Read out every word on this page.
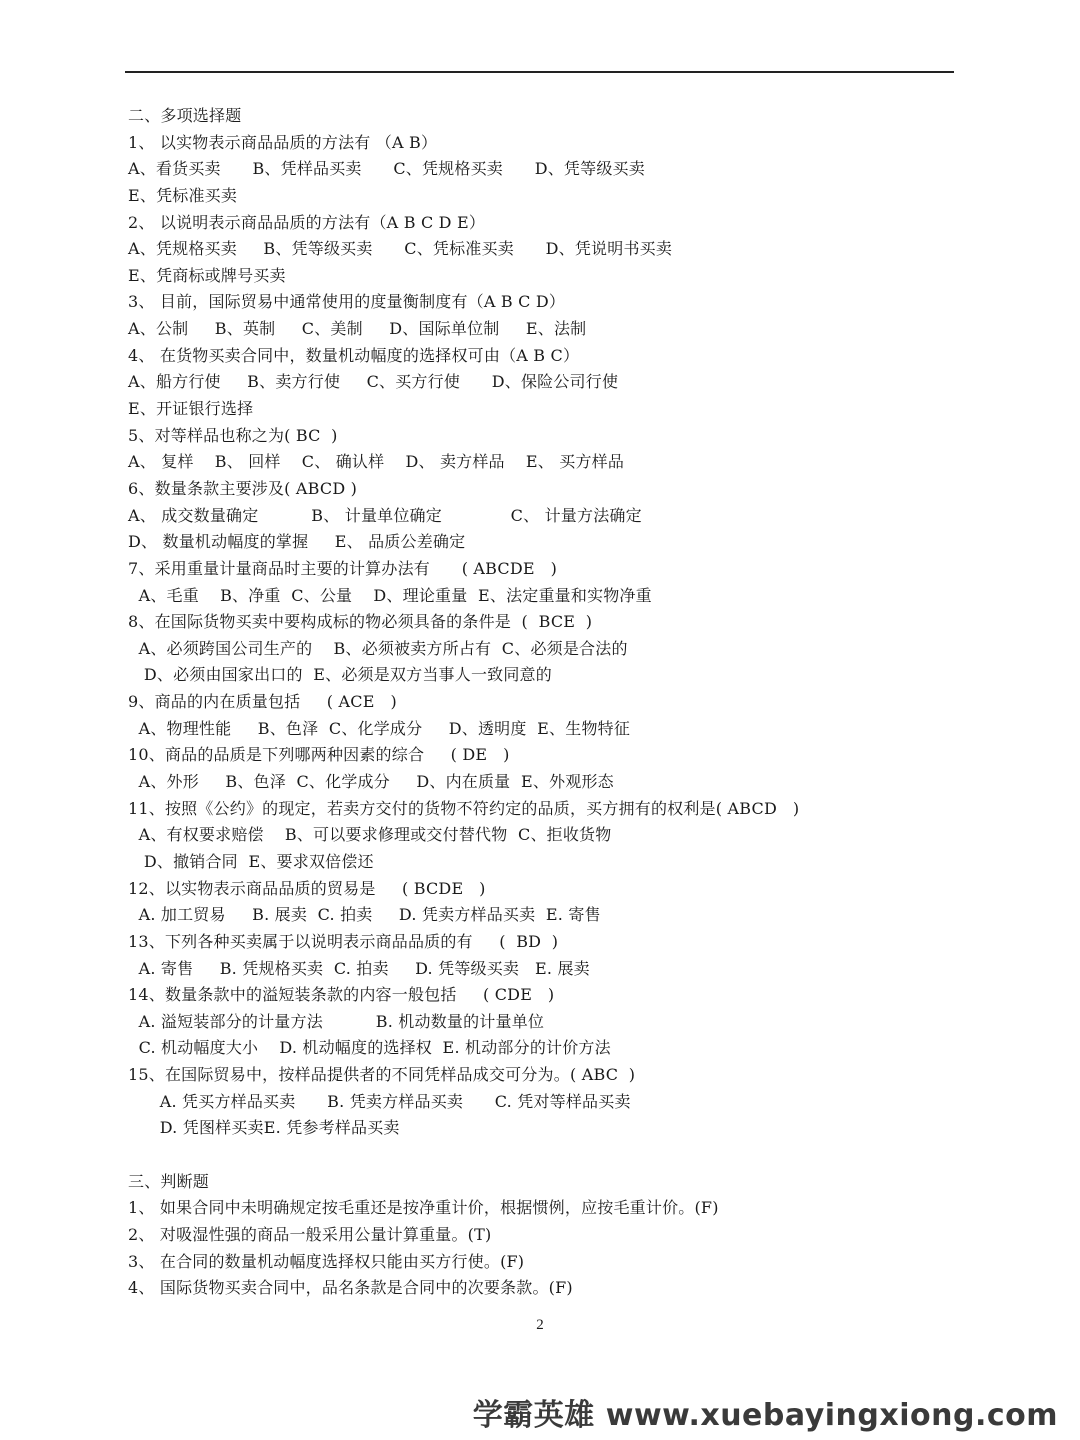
二、多项选择题
1、 以实物表示商品品质的方法有 （A B）
A、看货买卖      B、凭样品买卖      C、凭规格买卖      D、凭等级买卖
E、凭标准买卖
2、 以说明表示商品品质的方法有（A B C D E）
A、凭规格买卖     B、凭等级买卖      C、凭标准买卖      D、凭说明书买卖
E、凭商标或牌号买卖
3、 目前，国际贸易中通常使用的度量衡制度有（A B C D）
A、公制     B、英制     C、美制     D、国际单位制     E、法制
4、 在货物买卖合同中，数量机动幅度的选择权可由（A B C）
A、船方行使     B、卖方行使     C、买方行使      D、保险公司行使
E、开证银行选择
5、对等样品也称之为( BC  )
A、 复样    B、 回样    C、 确认样    D、 卖方样品    E、 买方样品
6、数量条款主要涉及( ABCD )
A、 成交数量确定          B、 计量单位确定             C、 计量方法确定
D、 数量机动幅度的掌握     E、 品质公差确定
7、采用重量计量商品时主要的计算办法有      ( ABCDE   )
A、毛重    B、净重  C、公量    D、理论重量  E、法定重量和实物净重
8、在国际货物买卖中要构成标的物必须具备的条件是  (  BCE  )
A、必须跨国公司生产的    B、必须被卖方所占有  C、必须是合法的
D、必须由国家出口的  E、必须是双方当事人一致同意的
9、商品的内在质量包括     ( ACE   )
A、物理性能     B、色泽  C、化学成分     D、透明度  E、生物特征
10、商品的品质是下列哪两种因素的综合     ( DE   )
A、外形     B、色泽  C、化学成分     D、内在质量  E、外观形态
11、按照《公约》的现定，若卖方交付的货物不符约定的品质，买方拥有的权利是( ABCD   )
A、有权要求赔偿    B、可以要求修理或交付替代物  C、拒收货物
D、撤销合同  E、要求双倍偿还
12、以实物表示商品品质的贸易是     ( BCDE   )
A. 加工贸易     B. 展卖  C. 拍卖     D. 凭卖方样品买卖  E. 寄售
13、下列各种买卖属于以说明表示商品品质的有     (  BD  )
A. 寄售     B. 凭规格买卖  C. 拍卖     D. 凭等级买卖   E. 展卖
14、数量条款中的溢短装条款的内容一般包括     ( CDE   )
A. 溢短装部分的计量方法          B. 机动数量的计量单位
C. 机动幅度大小    D. 机动幅度的选择权  E. 机动部分的计价方法
15、在国际贸易中，按样品提供者的不同凭样品成交可分为。( ABC  )
A. 凭买方样品买卖      B. 凭卖方样品买卖      C. 凭对等样品买卖
D. 凭图样买卖E. 凭参考样品买卖
三、判断题
1、 如果合同中未明确规定按毛重还是按净重计价，根据惯例，应按毛重计价。(F)
2、 对吸湿性强的商品一般采用公量计算重量。(T)
3、 在合同的数量机动幅度选择权只能由买方行使。(F)
4、 国际货物买卖合同中，品名条款是合同中的次要条款。(F)
2
学霸英雄 www.xuebayingxiong.com
